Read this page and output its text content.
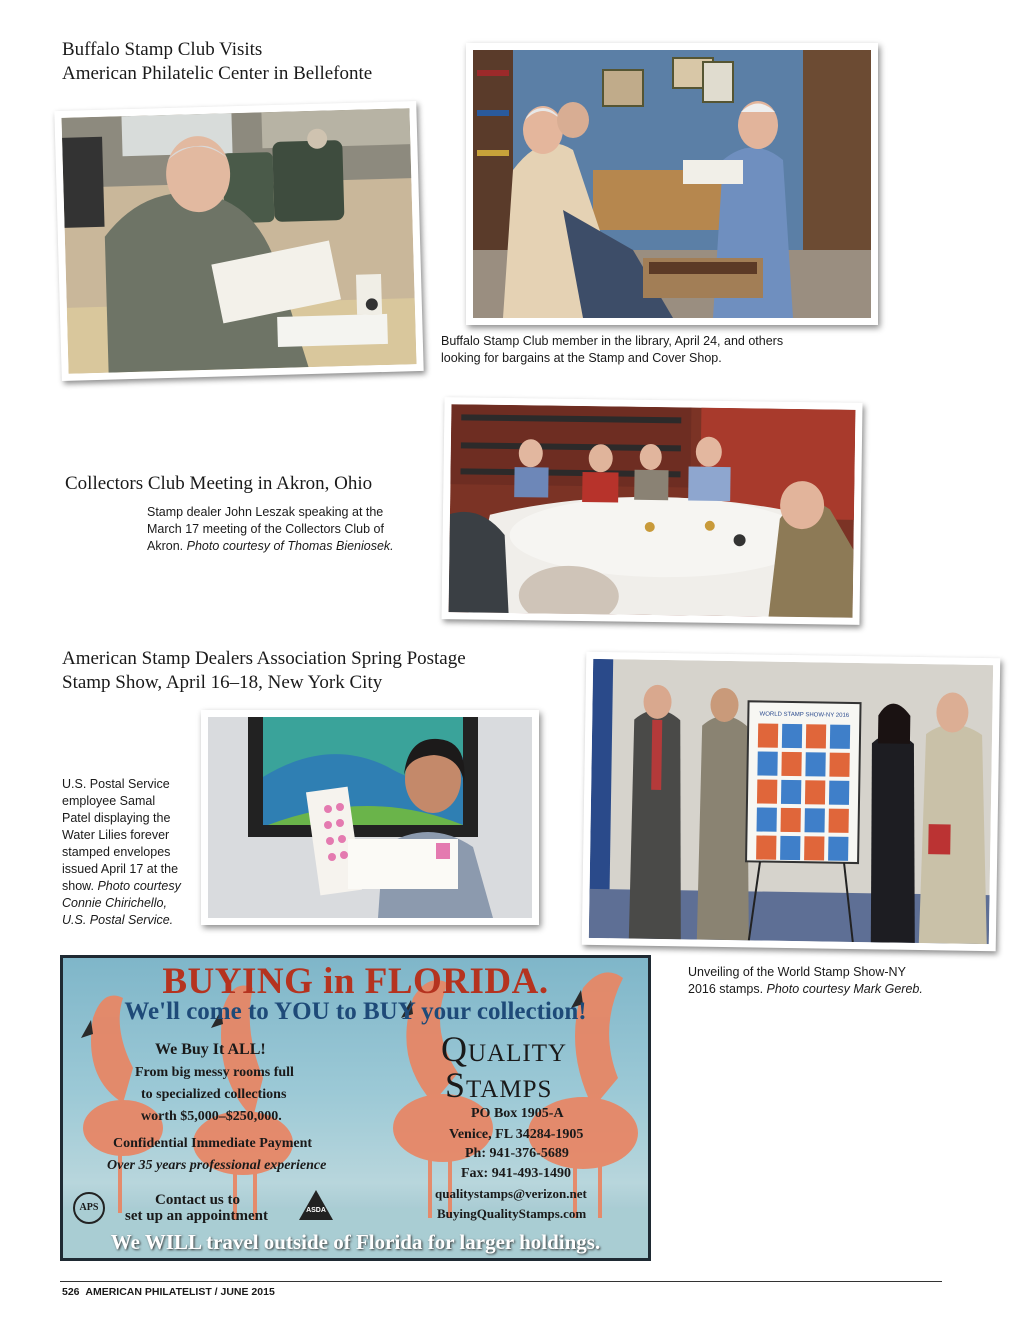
Buffalo Stamp Club Visits
American Philatelic Center in Bellefonte
Buffalo Stamp Club member in the library, April 24, and others
looking for bargains at the Stamp and Cover Shop.
Collectors Club Meeting in Akron, Ohio
Stamp dealer John Leszak speaking at the
March 17 meeting of the Collectors Club of
Akron. Photo courtesy of Thomas Bieniosek.
American Stamp Dealers Association Spring Postage
Stamp Show, April 16–18, New York City
U.S. Postal Service
employee Samal
Patel displaying the
Water Lilies forever
stamped envelopes
issued April 17 at the
show. Photo courtesy
Connie Chirichello,
U.S. Postal Service.
WORLD STAMP SHOW-NY 2016
Unveiling of the World Stamp Show-NY
2016 stamps. Photo courtesy Mark Gereb.
BUYING in FLORIDA.
We'll come to YOU to BUY your collection!
We Buy It ALL!
From big messy rooms full
to specialized collections
worth $5,000–$250,000.
Confidential Immediate Payment
Over 35 years professional experience
APS	Contact us to
set up an appointment	ASDA
Quality
Stamps
PO Box 1905-A
Venice, FL 34284-1905
Ph: 941-376-5689
Fax: 941-493-1490
qualitystamps@verizon.net
BuyingQualityStamps.com
We WILL travel outside of Florida for larger holdings.
526 AMERICAN PHILATELIST / JUNE 2015
